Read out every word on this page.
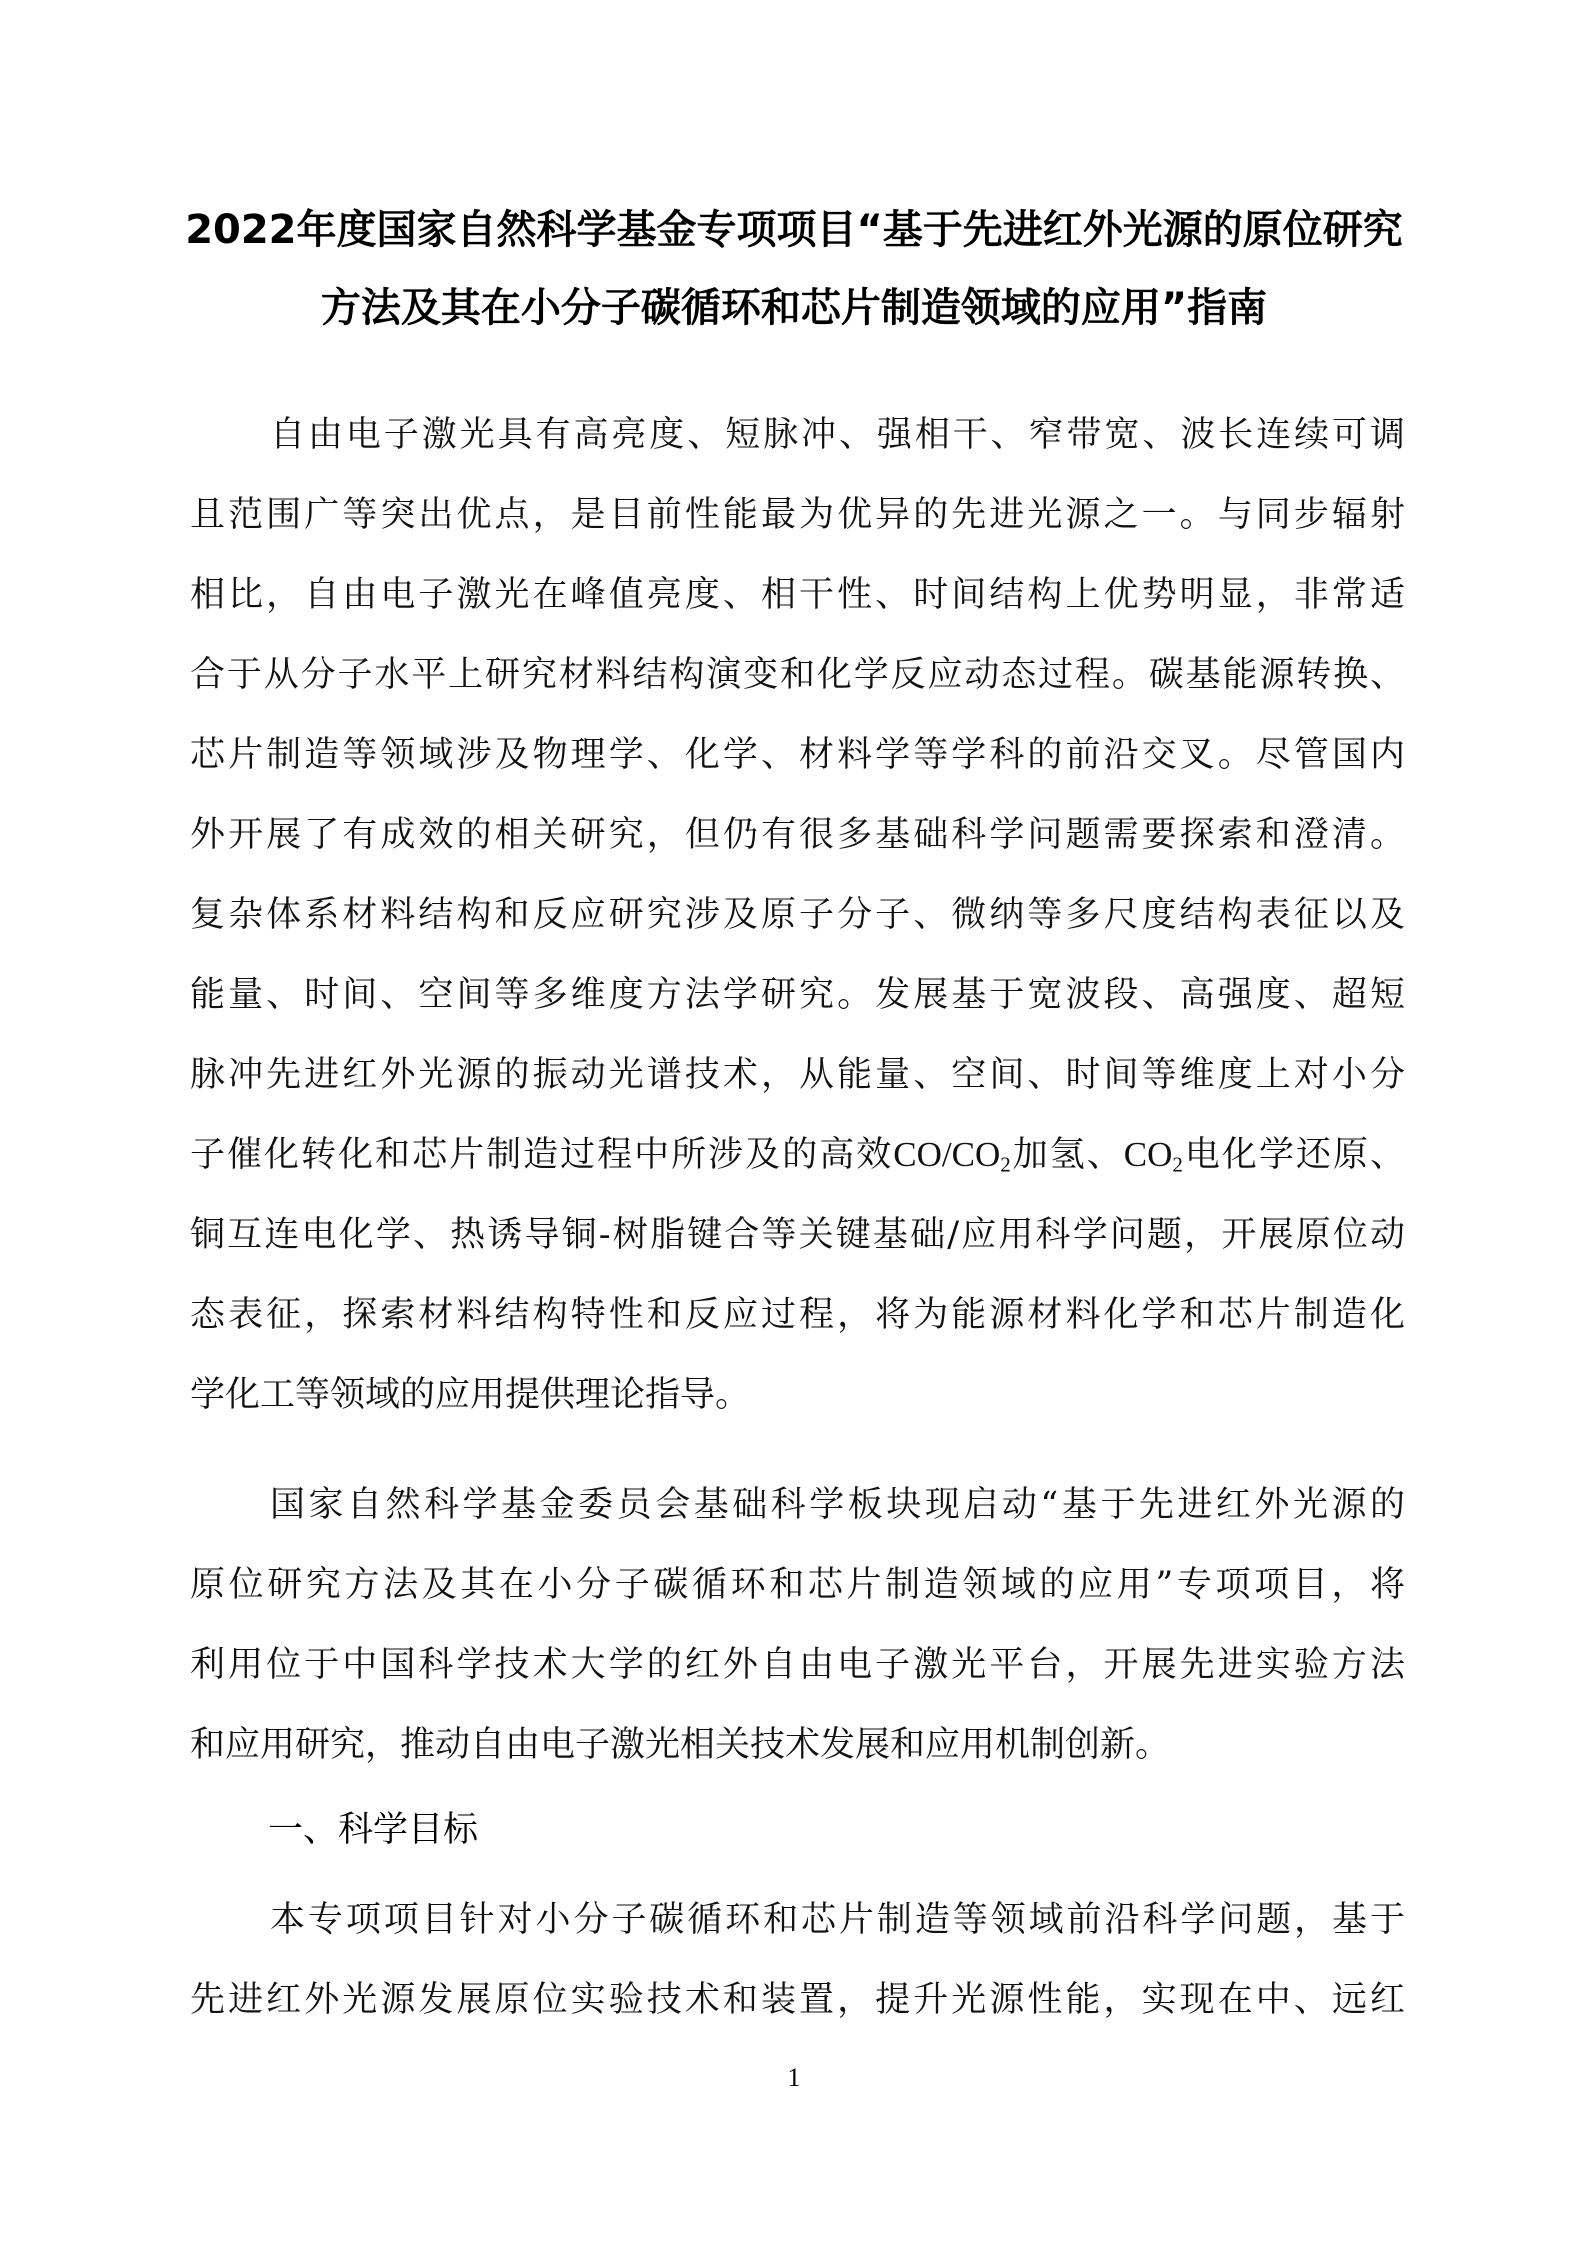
2022年度国家自然科学基金专项项目“基于先进红外光源的原位研究
方法及其在小分子碳循环和芯片制造领域的应用”指南
自由电子激光具有高亮度、短脉冲、强相干、窄带宽、波长连续可调
且范围广等突出优点，是目前性能最为优异的先进光源之一。与同步辐射
相比，自由电子激光在峰值亮度、相干性、时间结构上优势明显，非常适
合于从分子水平上研究材料结构演变和化学反应动态过程。碳基能源转换、
芯片制造等领域涉及物理学、化学、材料学等学科的前沿交叉。尽管国内
外开展了有成效的相关研究，但仍有很多基础科学问题需要探索和澄清。
复杂体系材料结构和反应研究涉及原子分子、微纳等多尺度结构表征以及
能量、时间、空间等多维度方法学研究。发展基于宽波段、高强度、超短
脉冲先进红外光源的振动光谱技术，从能量、空间、时间等维度上对小分
子催化转化和芯片制造过程中所涉及的高效$CO/CO_2$加氢、$CO_2$电化学还原、
铜互连电化学、热诱导铜-树脂键合等关键基础/应用科学问题，开展原位动
态表征，探索材料结构特性和反应过程，将为能源材料化学和芯片制造化
学化工等领域的应用提供理论指导。
国家自然科学基金委员会基础科学板块现启动“基于先进红外光源的
原位研究方法及其在小分子碳循环和芯片制造领域的应用”专项项目，将
利用位于中国科学技术大学的红外自由电子激光平台，开展先进实验方法
和应用研究，推动自由电子激光相关技术发展和应用机制创新。
一、科学目标
本专项项目针对小分子碳循环和芯片制造等领域前沿科学问题，基于
先进红外光源发展原位实验技术和装置，提升光源性能，实现在中、远红
1
